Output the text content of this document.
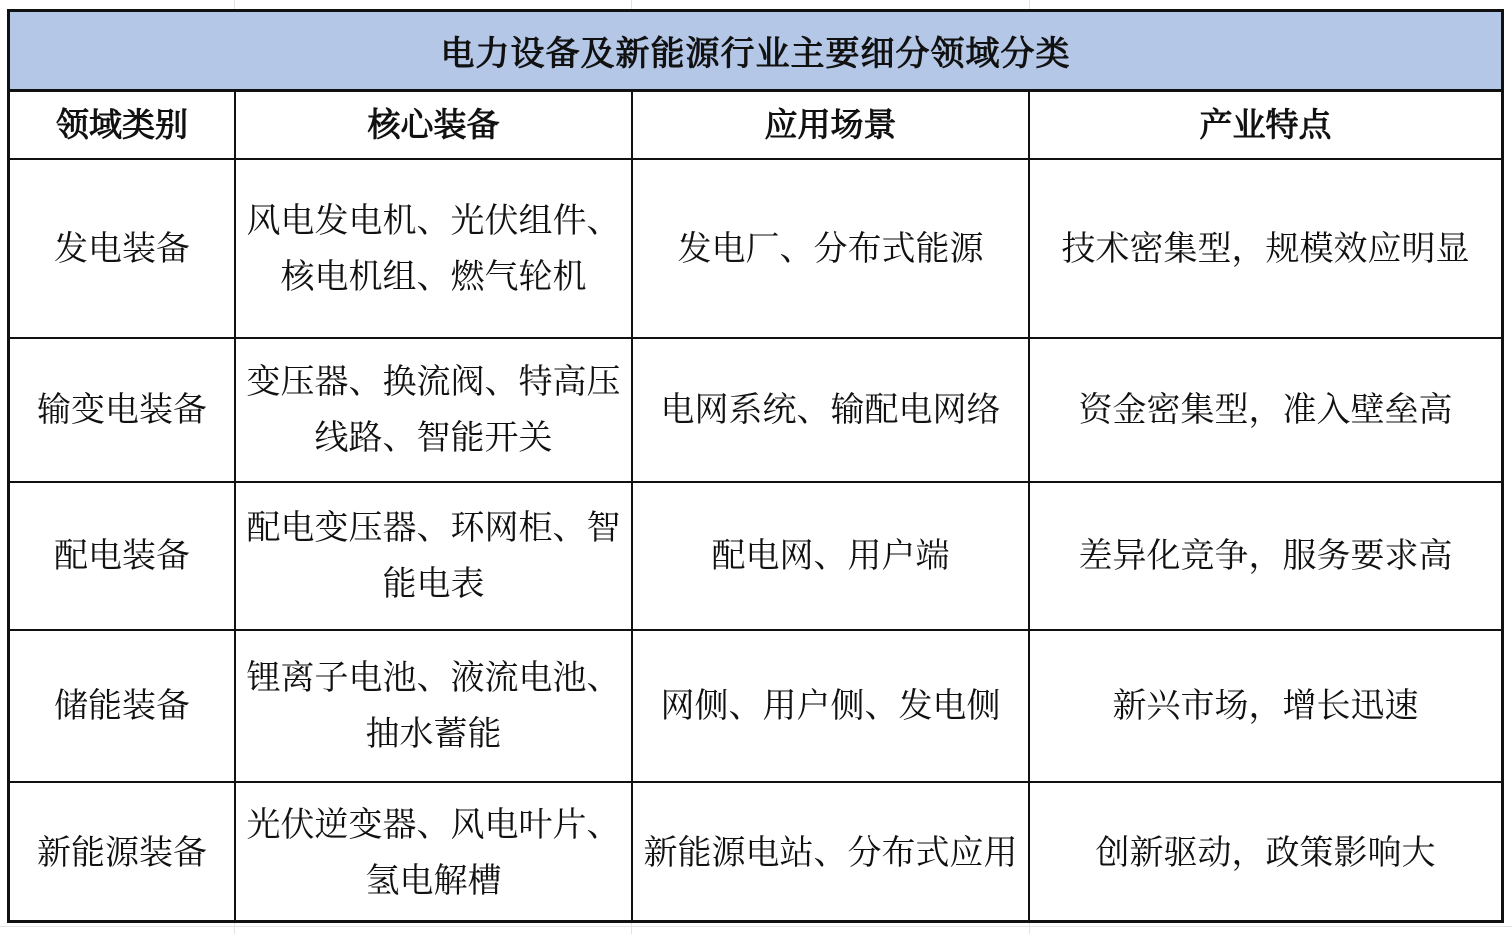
电力设备及新能源行业主要细分领域分类
领域类别	核心装备	应用场景	产业特点
发电装备	风电发电机、光伏组件、核电机组、燃气轮机	发电厂、分布式能源	技术密集型，规模效应明显
输变电装备	变压器、换流阀、特高压线路、智能开关	电网系统、输配电网络	资金密集型，准入壁垒高
配电装备	配电变压器、环网柜、智能电表	配电网、用户端	差异化竞争，服务要求高
储能装备	锂离子电池、液流电池、抽水蓄能	网侧、用户侧、发电侧	新兴市场，增长迅速
新能源装备	光伏逆变器、风电叶片、氢电解槽	新能源电站、分布式应用	创新驱动，政策影响大
